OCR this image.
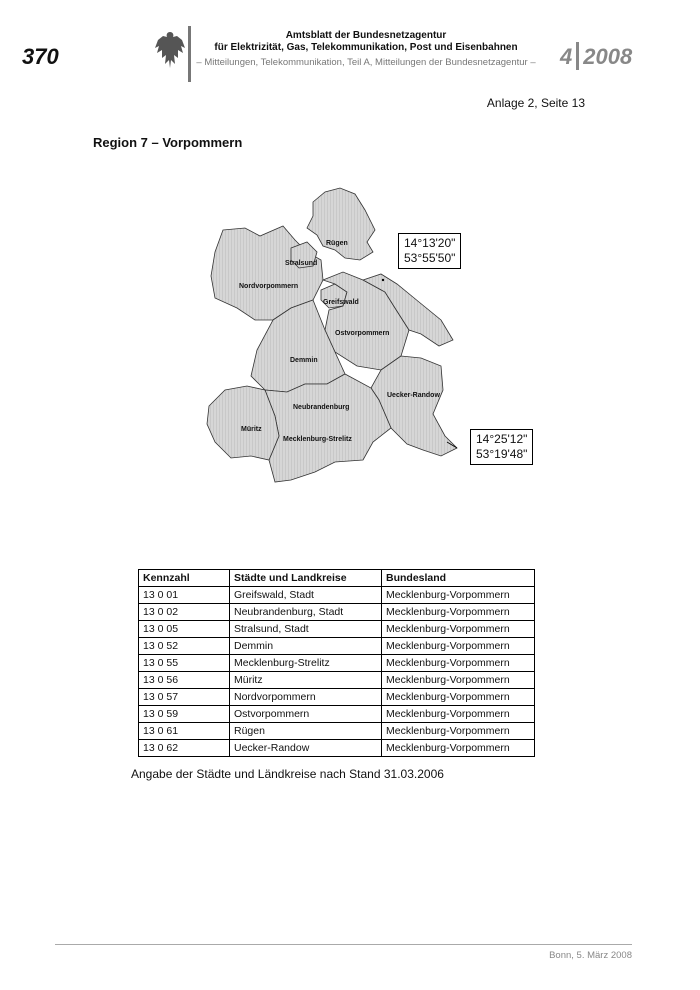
370
Amtsblatt der Bundesnetzagentur
für Elektrizität, Gas, Telekommunikation, Post und Eisenbahnen
– Mitteilungen, Telekommunikation, Teil A, Mitteilungen der Bundesnetzagentur – 4 2008
Anlage 2, Seite 13
Region 7 – Vorpommern
Rügen
Stralsund
Nordvorpommern
Greifswald
Ostvorpommern
Demmin
Uecker-Randow
Neubrandenburg
Müritz
Mecklenburg-Strelitz
14°13'20"
53°55'50"
14°25'12"
53°19'48"
Kennzahl	Städte und Landkreise	Bundesland
13 0 01	Greifswald, Stadt	Mecklenburg-Vorpommern
13 0 02	Neubrandenburg, Stadt	Mecklenburg-Vorpommern
13 0 05	Stralsund, Stadt	Mecklenburg-Vorpommern
13 0 52	Demmin	Mecklenburg-Vorpommern
13 0 55	Mecklenburg-Strelitz	Mecklenburg-Vorpommern
13 0 56	Müritz	Mecklenburg-Vorpommern
13 0 57	Nordvorpommern	Mecklenburg-Vorpommern
13 0 59	Ostvorpommern	Mecklenburg-Vorpommern
13 0 61	Rügen	Mecklenburg-Vorpommern
13 0 62	Uecker-Randow	Mecklenburg-Vorpommern
Angabe der Städte und Ländkreise nach Stand 31.03.2006
Bonn, 5. März 2008
